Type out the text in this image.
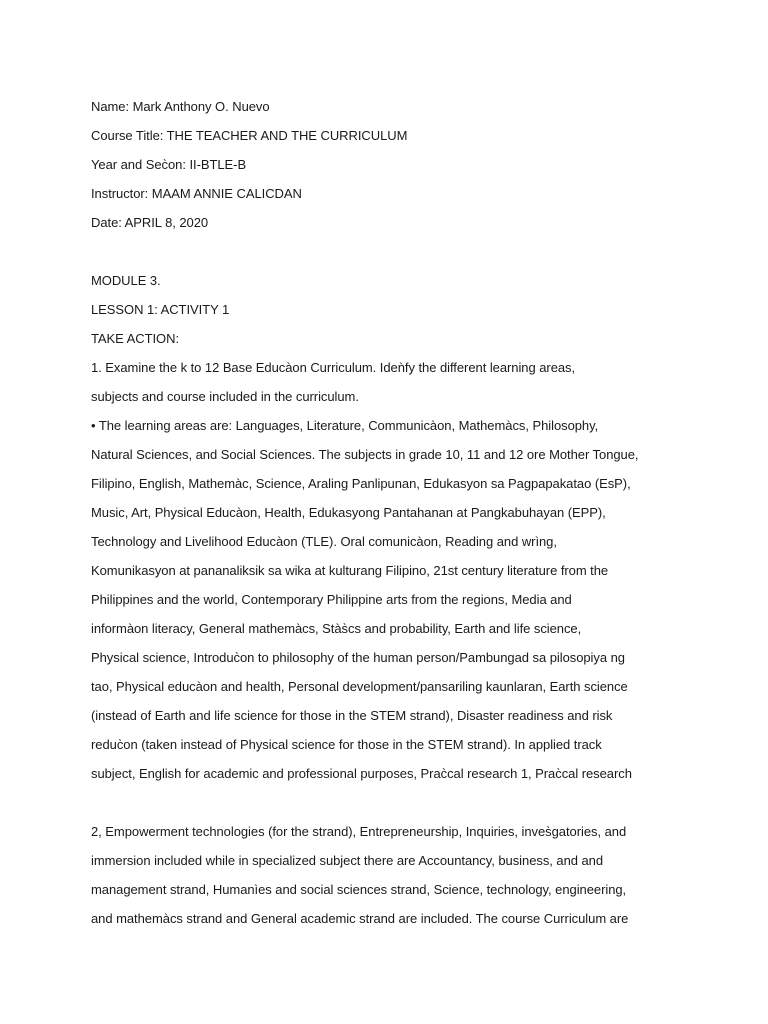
Name: Mark Anthony O. Nuevo
Course Title: THE TEACHER AND THE CURRICULUM
Year and Sec̀on: II-BTLE-B
Instructor: MAAM ANNIE CALICDAN
Date: APRIL 8, 2020
MODULE 3.
LESSON 1: ACTIVITY 1
TAKE ACTION:
1. Examine the k to 12 Base Educàon Curriculum. Ideǹfy the different learning areas,
subjects and course included in the curriculum.
• The learning areas are: Languages, Literature, Communicàon, Mathemàcs, Philosophy,
Natural Sciences, and Social Sciences. The subjects in grade 10, 11 and 12 ore Mother Tongue,
Filipino, English, Mathemàc, Science, Araling Panlipunan, Edukasyon sa Pagpapakatao (EsP),
Music, Art, Physical Educàon, Health, Edukasyong Pantahanan at Pangkabuhayan (EPP),
Technology and Livelihood Educàon (TLE). Oral comunicàon, Reading and wrìng,
Komunikasyon at pananaliksik sa wika at kulturang Filipino, 21st century literature from the
Philippines and the world, Contemporary Philippine arts from the regions, Media and
informàon literacy, General mathemàcs, Stàs̀cs and probability, Earth and life science,
Physical science, Introduc̀on to philosophy of the human person/Pambungad sa pilosopiya ng
tao, Physical educàon and health, Personal development/pansariling kaunlaran, Earth science
(instead of Earth and life science for those in the STEM strand), Disaster readiness and risk
reduc̀on (taken instead of Physical science for those in the STEM strand). In applied track
subject, English for academic and professional purposes, Prac̀cal research 1, Prac̀cal research
2, Empowerment technologies (for the strand), Entrepreneurship, Inquiries, inves̀gatories, and
immersion included while in specialized subject there are Accountancy, business, and and
management strand, Humanìes and social sciences strand, Science, technology, engineering,
and mathemàcs strand and General academic strand are included. The course Curriculum are
